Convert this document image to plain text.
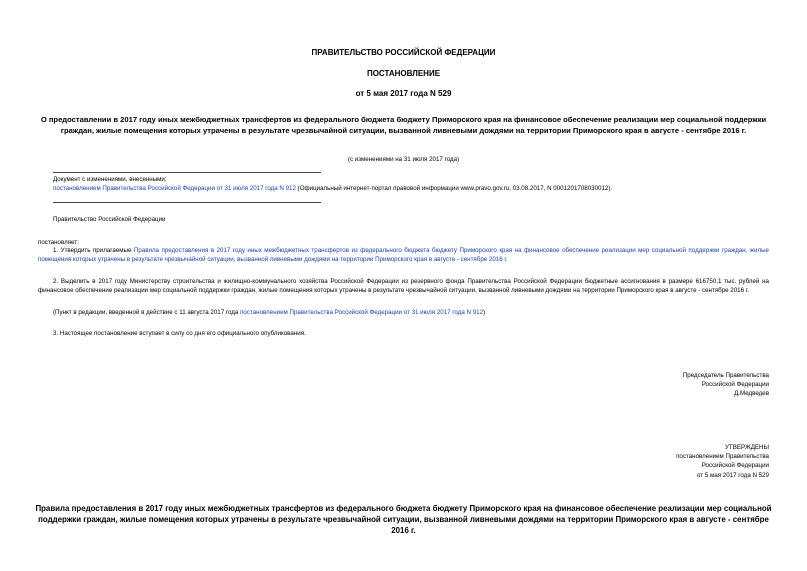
ПРАВИТЕЛЬСТВО РОССИЙСКОЙ ФЕДЕРАЦИИ
ПОСТАНОВЛЕНИЕ
от 5 мая 2017 года N 529
О предоставлении в 2017 году иных межбюджетных трансфертов из федерального бюджета бюджету Приморского края на финансовое обеспечение реализации мер социальной поддержки граждан, жилые помещения которых утрачены в результате чрезвычайной ситуации, вызванной ливневыми дождями на территории Приморского края в августе - сентябре 2016 г.
(с изменениями на 31 июля 2017 года)
Документ с изменениями, внесенными:
постановлением Правительства Российской Федерации от 31 июля 2017 года N 912 (Официальный интернет-портал правовой информации www.pravo.gov.ru, 03.08.2017, N 0001201708030012).
Правительство Российской Федерации
постановляет:
1. Утвердить прилагаемые Правила предоставления в 2017 году иных межбюджетных трансфертов из федерального бюджета бюджету Приморского края на финансовое обеспечение реализации мер социальной поддержки граждан, жилые помещения которых утрачены в результате чрезвычайной ситуации, вызванной ливневыми дождями на территории Приморского края в августе - сентябре 2016 г.
2. Выделить в 2017 году Министерству строительства и жилищно-коммунального хозяйства Российской Федерации из резервного фонда Правительства Российской Федерации бюджетные ассигнования в размере 616750,1 тыс. рублей на финансовое обеспечение реализации мер социальной поддержки граждан, жилые помещения которых утрачены в результате чрезвычайной ситуации, вызванной ливневыми дождями на территории Приморского края в августе - сентябре 2016 г.
(Пункт в редакции, введенной в действие с 11 августа 2017 года постановлением Правительства Российской Федерации от 31 июля 2017 года N 912)
3. Настоящее постановление вступает в силу со дня его официального опубликования.
Председатель Правительства
Российской Федерации
Д.Медведев
УТВЕРЖДЕНЫ
постановлением Правительства
Российской Федерации
от 5 мая 2017 года N 529
Правила предоставления в 2017 году иных межбюджетных трансфертов из федерального бюджета бюджету Приморского края на финансовое обеспечение реализации мер социальной поддержки граждан, жилые помещения которых утрачены в результате чрезвычайной ситуации, вызванной ливневыми дождями на территории Приморского края в августе - сентябре 2016 г.
